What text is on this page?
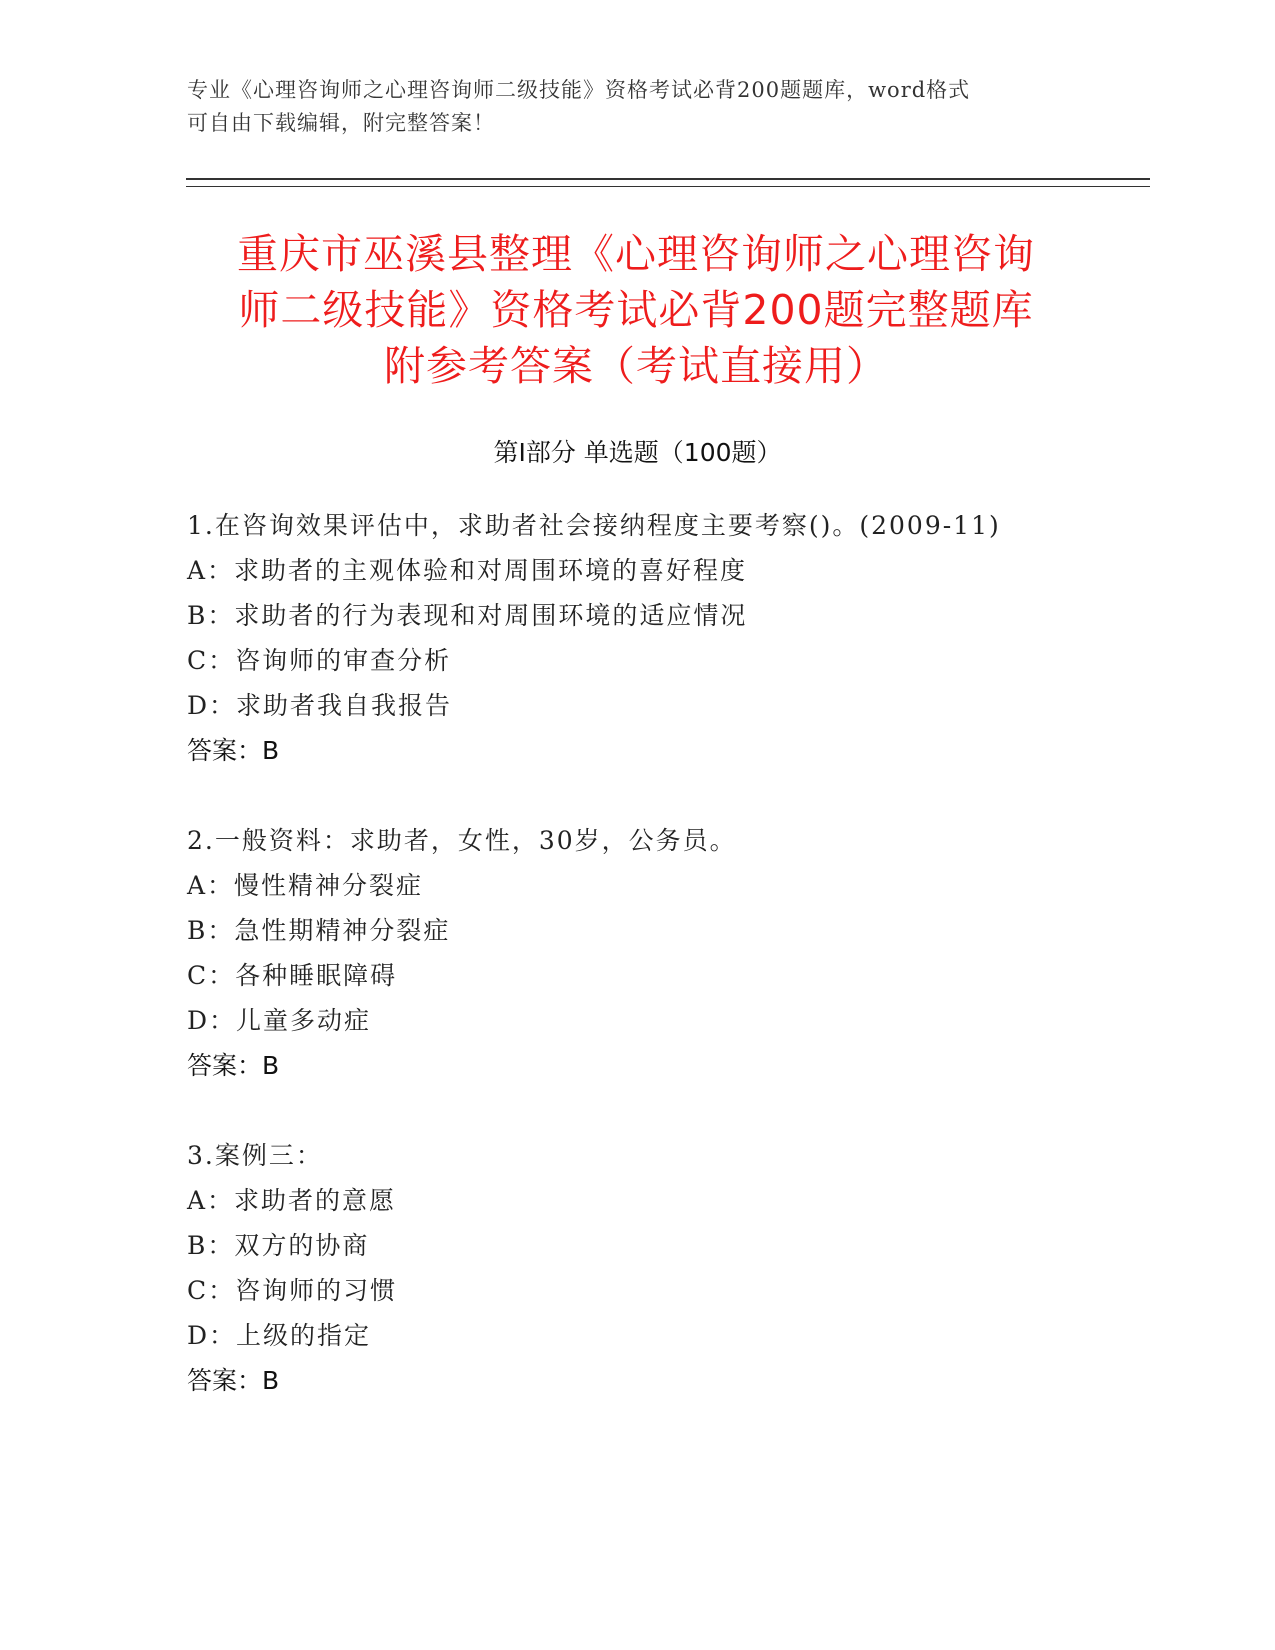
专业《心理咨询师之心理咨询师二级技能》资格考试必背200题题库，word格式
可自由下载编辑，附完整答案！
重庆市巫溪县整理《心理咨询师之心理咨询
师二级技能》资格考试必背200题完整题库
附参考答案（考试直接用）
第Ⅰ部分 单选题（100题）
1.在咨询效果评估中，求助者社会接纳程度主要考察()。(2009-11)
A：求助者的主观体验和对周围环境的喜好程度
B：求助者的行为表现和对周围环境的适应情况
C：咨询师的审查分析
D：求助者我自我报告
答案：B
2.一般资料：求助者，女性，30岁，公务员。
A：慢性精神分裂症
B：急性期精神分裂症
C：各种睡眠障碍
D：儿童多动症
答案：B
3.案例三：
A：求助者的意愿
B：双方的协商
C：咨询师的习惯
D：上级的指定
答案：B
